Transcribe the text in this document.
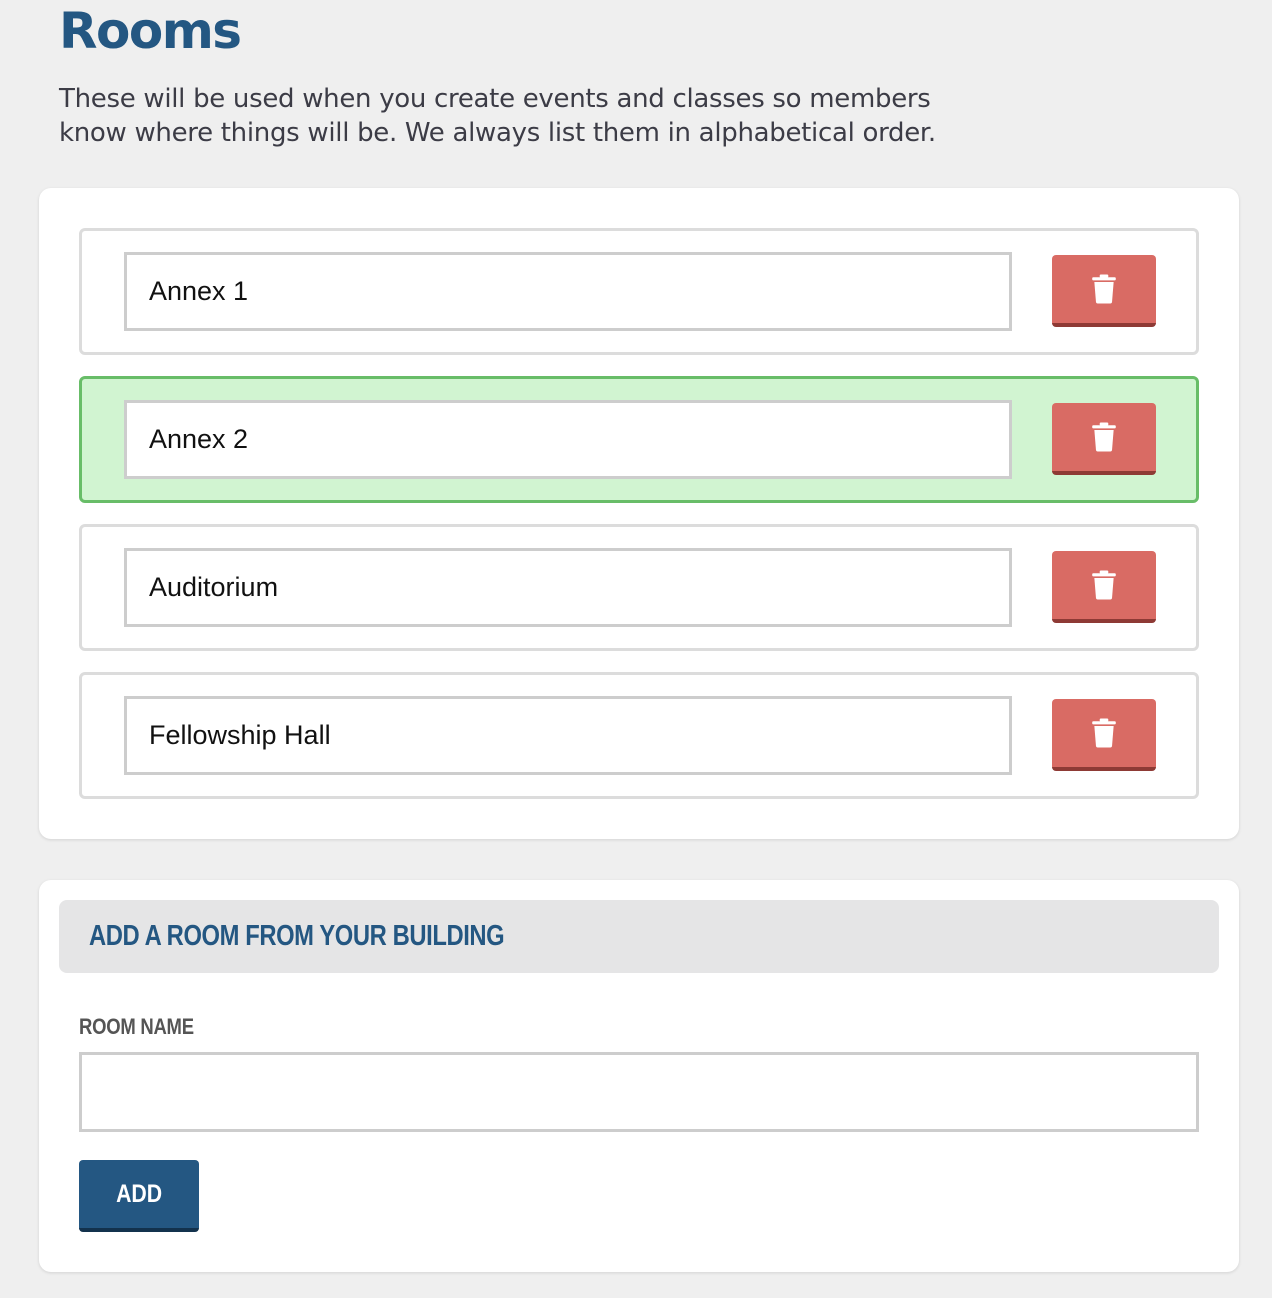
Rooms

These will be used when you create events and classes so members know where things will be. We always list them in alphabetical order.

Annex 1
Annex 2
Auditorium
Fellowship Hall
ADD A ROOM FROM YOUR BUILDING
ROOM NAME
ADD
